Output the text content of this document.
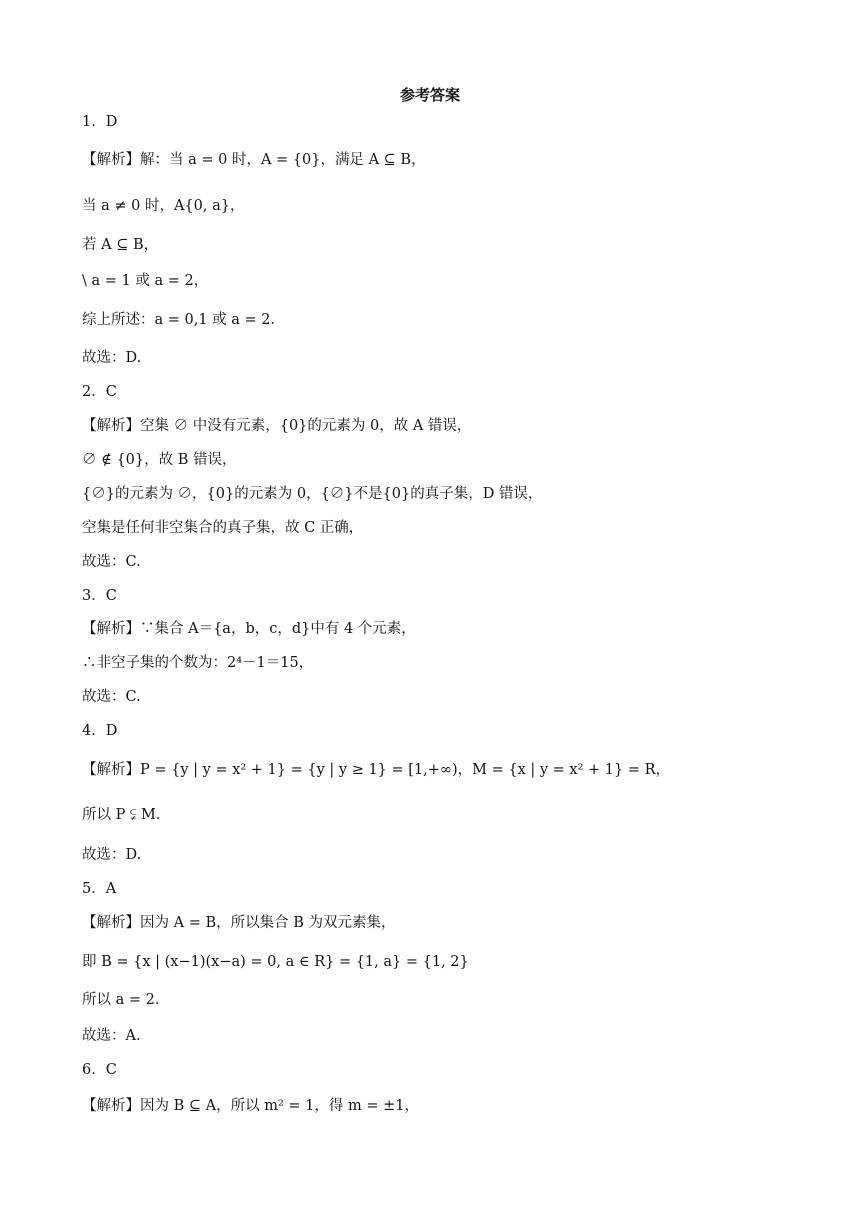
参考答案
1．D
【解析】解：当 a = 0 时，A = {0}，满足 A ⊆ B，
当 a ≠ 0 时，A{0, a}，
若 A ⊆ B，
\ a = 1 或 a = 2，
综上所述：a = 0,1 或 a = 2．
故选：D.
2．C
【解析】空集 ∅ 中没有元素，{0}的元素为 0，故 A 错误，
∅ ∉ {0}，故 B 错误，
{∅}的元素为 ∅，{0}的元素为 0，{∅}不是{0}的真子集，D 错误，
空集是任何非空集合的真子集，故 C 正确，
故选：C.
3．C
【解析】∵集合 A＝{a，b，c，d}中有 4 个元素，
∴非空子集的个数为：2⁴－1＝15，
故选：C.
4．D
【解析】P = {y | y = x² + 1} = {y | y ≥ 1} = [1,+∞)，M = {x | y = x² + 1} = R，
所以 P ⫋ M．
故选：D.
5．A
【解析】因为 A = B，所以集合 B 为双元素集，
即 B = {x | (x−1)(x−a) = 0, a ∈ R} = {1, a} = {1, 2}
所以 a = 2．
故选：A.
6．C
【解析】因为 B ⊆ A，所以 m² = 1，得 m = ±1，
